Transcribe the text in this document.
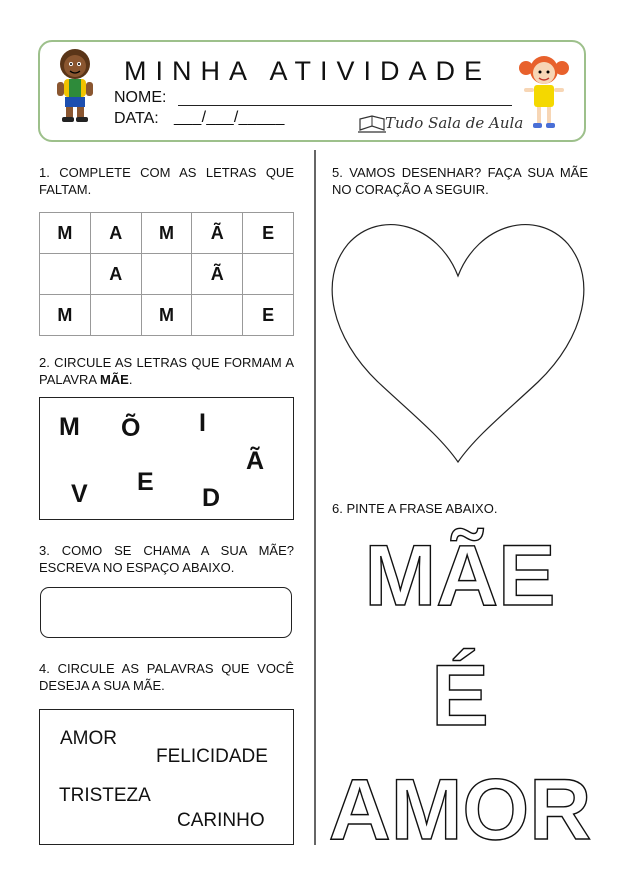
MINHA ATIVIDADE
NOME:
DATA: ___/___/_____	Tudo Sala de Aula
1. COMPLETE COM AS LETRAS QUE FALTAM.
M	A	M	Ã	E
	A		Ã	
M		M		E
2. CIRCULE AS LETRAS QUE FORMAM A PALAVRA MÃE.
M Õ I
Ã
E
V	D
3. COMO SE CHAMA A SUA MÃE? ESCREVA NO ESPAÇO ABAIXO.
4. CIRCULE AS PALAVRAS QUE VOCÊ DESEJA A SUA MÃE.
AMOR
FELICIDADE
TRISTEZA
CARINHO
5. VAMOS DESENHAR? FAÇA SUA MÃE NO CORAÇÃO A SEGUIR.
6. PINTE A FRASE ABAIXO.
MÃE
É
AMOR
